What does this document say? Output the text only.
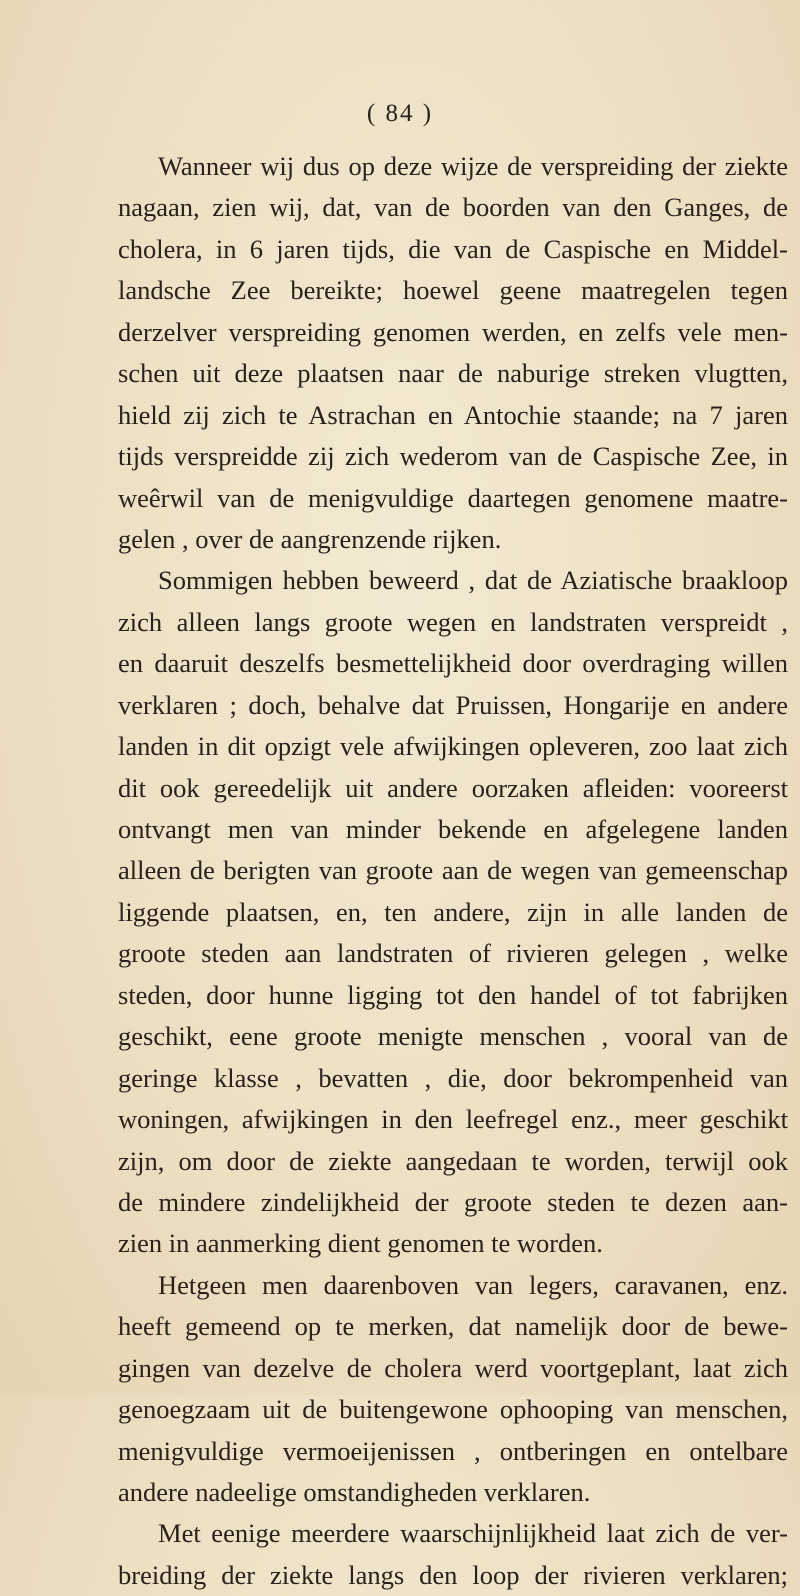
( 84 )
Wanneer wij dus op deze wijze de verspreiding der ziekte
nagaan, zien wij, dat, van de boorden van den Ganges, de
cholera, in 6 jaren tijds, die van de Caspische en Middel-
landsche Zee bereikte; hoewel geene maatregelen tegen
derzelver verspreiding genomen werden, en zelfs vele men-
schen uit deze plaatsen naar de naburige streken vlugtten,
hield zij zich te Astrachan en Antochie staande; na 7 jaren
tijds verspreidde zij zich wederom van de Caspische Zee, in
weêrwil van de menigvuldige daartegen genomene maatre-
gelen , over de aangrenzende rijken.
Sommigen hebben beweerd , dat de Aziatische braakloop
zich alleen langs groote wegen en landstraten verspreidt ,
en daaruit deszelfs besmettelijkheid door overdraging willen
verklaren ; doch, behalve dat Pruissen, Hongarije en andere
landen in dit opzigt vele afwijkingen opleveren, zoo laat zich
dit ook gereedelijk uit andere oorzaken afleiden: vooreerst
ontvangt men van minder bekende en afgelegene landen
alleen de berigten van groote aan de wegen van gemeenschap
liggende plaatsen, en, ten andere, zijn in alle landen de
groote steden aan landstraten of rivieren gelegen , welke
steden, door hunne ligging tot den handel of tot fabrijken
geschikt, eene groote menigte menschen , vooral van de
geringe klasse , bevatten , die, door bekrompenheid van
woningen, afwijkingen in den leefregel enz., meer geschikt
zijn, om door de ziekte aangedaan te worden, terwijl ook
de mindere zindelijkheid der groote steden te dezen aan-
zien in aanmerking dient genomen te worden.
Hetgeen men daarenboven van legers, caravanen, enz.
heeft gemeend op te merken, dat namelijk door de bewe-
gingen van dezelve de cholera werd voortgeplant, laat zich
genoegzaam uit de buitengewone ophooping van menschen,
menigvuldige vermoeijenissen , ontberingen en ontelbare
andere nadeelige omstandigheden verklaren.
Met eenige meerdere waarschijnlijkheid laat zich de ver-
breiding der ziekte langs den loop der rivieren verklaren;
